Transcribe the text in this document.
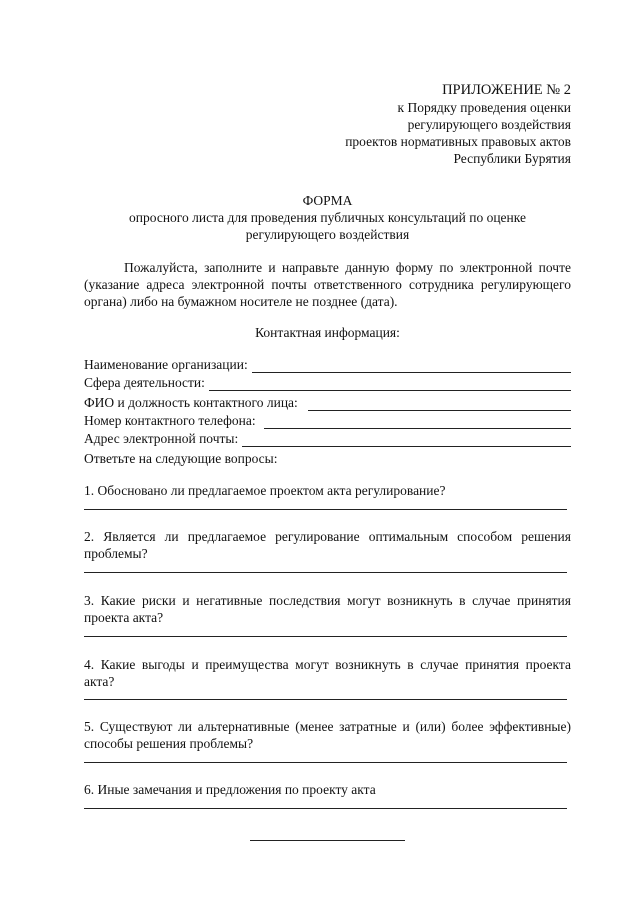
ПРИЛОЖЕНИЕ № 2
к Порядку проведения оценки
регулирующего воздействия
проектов нормативных правовых актов
Республики Бурятия
ФОРМА
опросного листа для проведения публичных консультаций по оценке
регулирующего воздействия
Пожалуйста, заполните и направьте данную форму по электронной почте (указание адреса электронной почты ответственного сотрудника регулирующего органа) либо на бумажном носителе не позднее (дата).
Контактная информация:
Наименование организации:
Сфера деятельности:
ФИО и должность контактного лица:
Номер контактного телефона:
Адрес электронной почты:
Ответьте на следующие вопросы:
1. Обосновано ли предлагаемое проектом акта регулирование?
2. Является ли предлагаемое регулирование оптимальным способом решения проблемы?
3. Какие риски и негативные последствия могут возникнуть в случае принятия проекта акта?
4. Какие выгоды и преимущества могут возникнуть в случае принятия проекта акта?
5. Существуют ли альтернативные (менее затратные и (или) более эффективные) способы решения проблемы?
6. Иные замечания и предложения по проекту акта
